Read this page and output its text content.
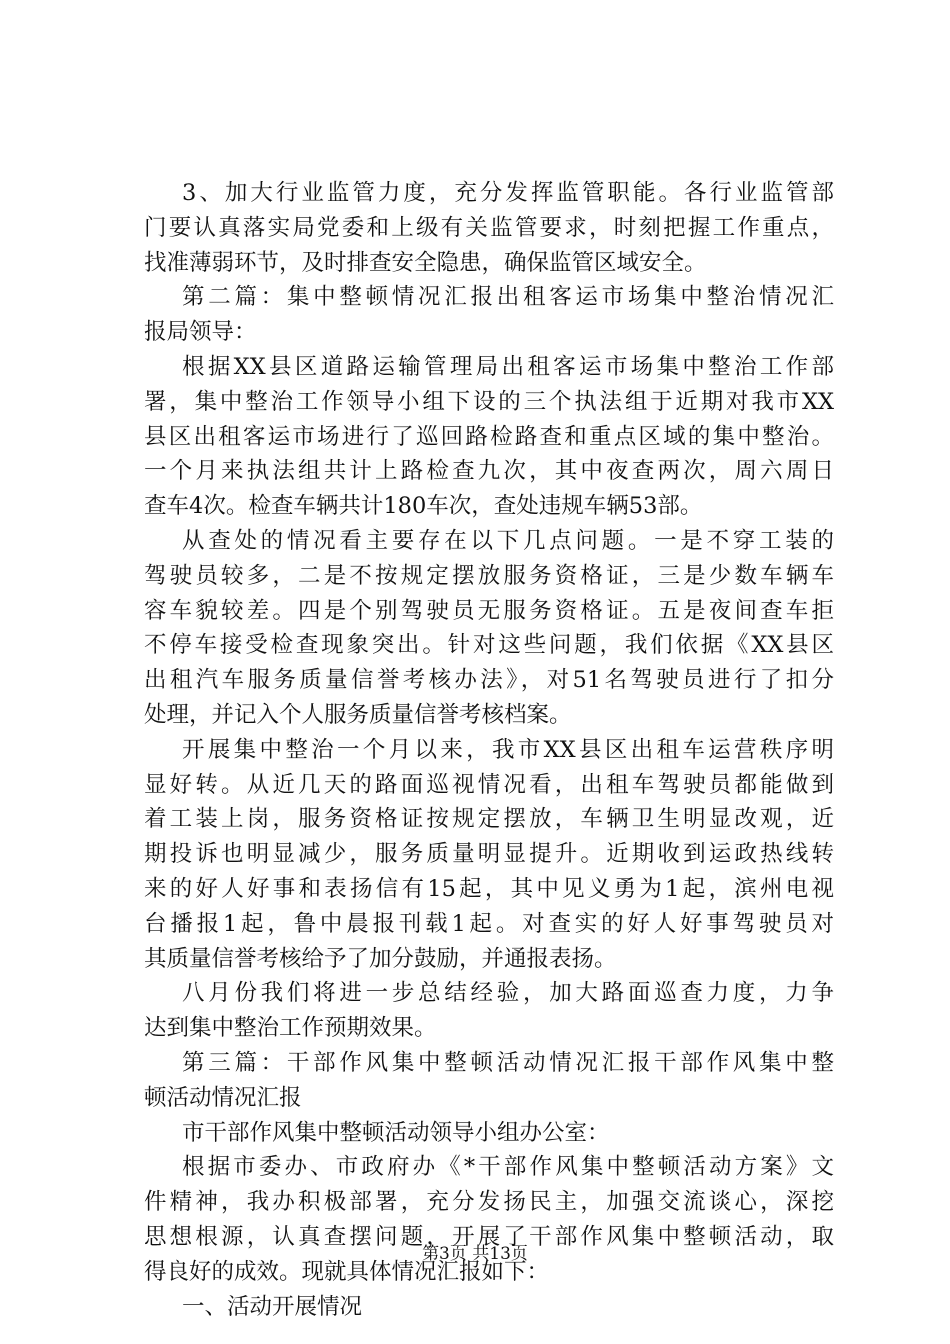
3、加大行业监管力度，充分发挥监管职能。各行业监管部
门要认真落实局党委和上级有关监管要求，时刻把握工作重点，
找准薄弱环节，及时排查安全隐患，确保监管区域安全。
第二篇：集中整顿情况汇报出租客运市场集中整治情况汇
报局领导：
根据XX县区道路运输管理局出租客运市场集中整治工作部
署，集中整治工作领导小组下设的三个执法组于近期对我市XX
县区出租客运市场进行了巡回路检路查和重点区域的集中整治。
一个月来执法组共计上路检查九次，其中夜查两次，周六周日
查车4次。检查车辆共计180车次，查处违规车辆53部。
从查处的情况看主要存在以下几点问题。一是不穿工装的
驾驶员较多，二是不按规定摆放服务资格证，三是少数车辆车
容车貌较差。四是个别驾驶员无服务资格证。五是夜间查车拒
不停车接受检查现象突出。针对这些问题，我们依据《XX县区
出租汽车服务质量信誉考核办法》，对51名驾驶员进行了扣分
处理，并记入个人服务质量信誉考核档案。
开展集中整治一个月以来，我市XX县区出租车运营秩序明
显好转。从近几天的路面巡视情况看，出租车驾驶员都能做到
着工装上岗，服务资格证按规定摆放，车辆卫生明显改观，近
期投诉也明显减少，服务质量明显提升。近期收到运政热线转
来的好人好事和表扬信有15起，其中见义勇为1起，滨州电视
台播报1起，鲁中晨报刊载1起。对查实的好人好事驾驶员对
其质量信誉考核给予了加分鼓励，并通报表扬。
八月份我们将进一步总结经验，加大路面巡查力度，力争
达到集中整治工作预期效果。
第三篇：干部作风集中整顿活动情况汇报干部作风集中整
顿活动情况汇报
市干部作风集中整顿活动领导小组办公室：
根据市委办、市政府办《*干部作风集中整顿活动方案》文
件精神，我办积极部署，充分发扬民主，加强交流谈心，深挖
思想根源，认真查摆问题，开展了干部作风集中整顿活动，取
得良好的成效。现就具体情况汇报如下：
一、活动开展情况
第3页 共13页
